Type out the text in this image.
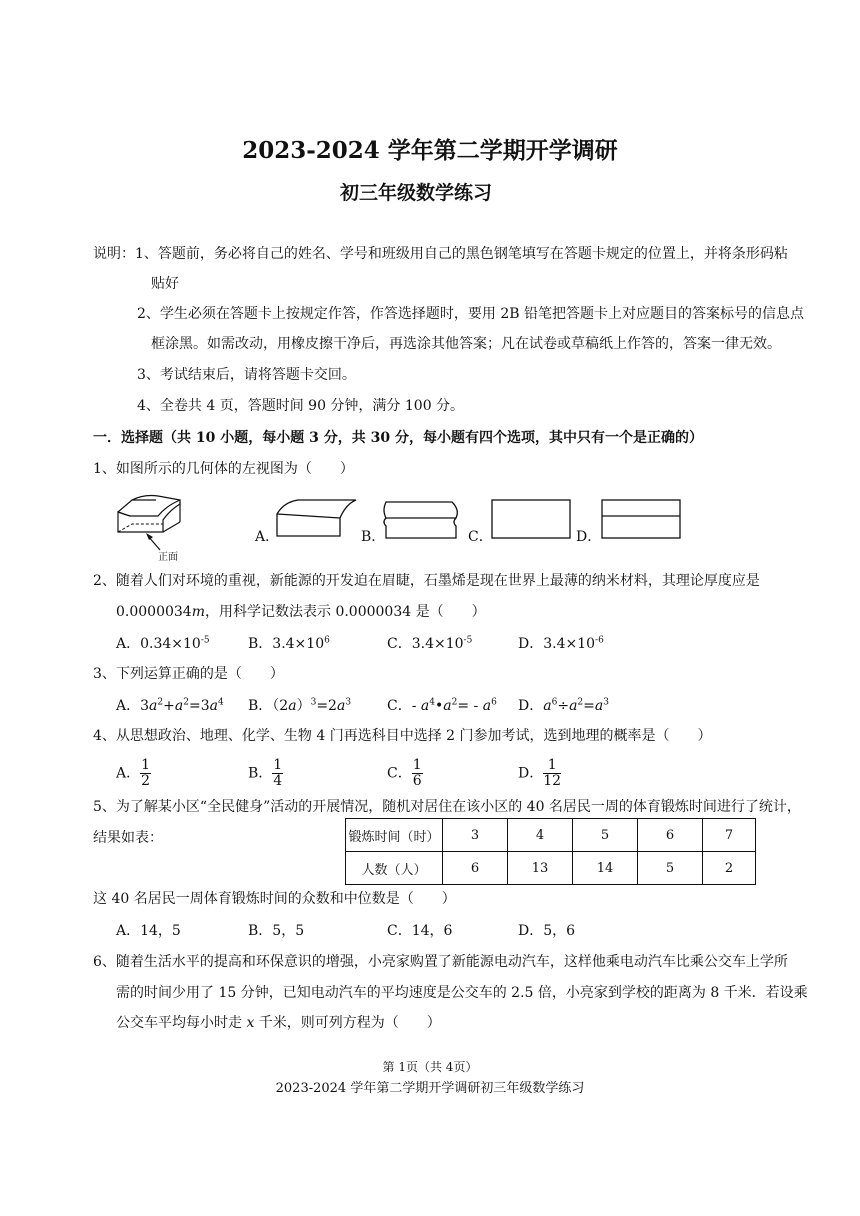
2023-2024 学年第二学期开学调研
初三年级数学练习
说明：1、答题前，务必将自己的姓名、学号和班级用自己的黑色钢笔填写在答题卡规定的位置上，并将条形码粘
贴好
2、学生必须在答题卡上按规定作答，作答选择题时，要用 2B 铅笔把答题卡上对应题目的答案标号的信息点
框涂黑。如需改动，用橡皮擦干净后，再选涂其他答案；凡在试卷或草稿纸上作答的，答案一律无效。
3、考试结束后，请将答题卡交回。
4、全卷共 4 页，答题时间 90 分钟，满分 100 分。
一．选择题（共 10 小题，每小题 3 分，共 30 分，每小题有四个选项，其中只有一个是正确的）
1、如图所示的几何体的左视图为（　　）
正面
A．	B．	C．	D．
2、随着人们对环境的重视，新能源的开发迫在眉睫，石墨烯是现在世界上最薄的纳米材料，其理论厚度应是
0.0000034m，用科学记数法表示 0.0000034 是（　　）
A．$0.34\times 10^{-5}$	B．$3.4\times 10^6$	C．$3.4\times 10^{-5}$	D．$3.4\times 10^{-6}$
3、下列运算正确的是（　　）
A．$3a^2+a^2=3a^4$ B．$(2a)^3=2a^3$	C．- $a^4•a^2= - a^6$ D．$a^6\div a^2=a^3$
4、从思想政治、地理、化学、生物 4 门再选科目中选择 2 门参加考试，选到地理的概率是（　　）
A． $\frac{1}{2}$	B． $\frac{1}{4}$	C． $\frac{1}{6}$	D． $\frac{1}{12}$
5、为了解某小区“全民健身”活动的开展情况，随机对居住在该小区的 40 名居民一周的体育锻炼时间进行了统计，
结果如表：	锻炼时间（时）	3	4	5	6	7
人数（人）	6	13	14	5	2
这 40 名居民一周体育锻炼时间的众数和中位数是（　　）
A．14，5	B．5，5	C．14，6	D．5，6
6、随着生活水平的提高和环保意识的增强，小亮家购置了新能源电动汽车，这样他乘电动汽车比乘公交车上学所
需的时间少用了 15 分钟，已知电动汽车的平均速度是公交车的 2.5 倍，小亮家到学校的距离为 8 千米．若设乘
公交车平均每小时走 x 千米，则可列方程为（　　）
第 1页（共 4页）
2023-2024 学年第二学期开学调研初三年级数学练习
